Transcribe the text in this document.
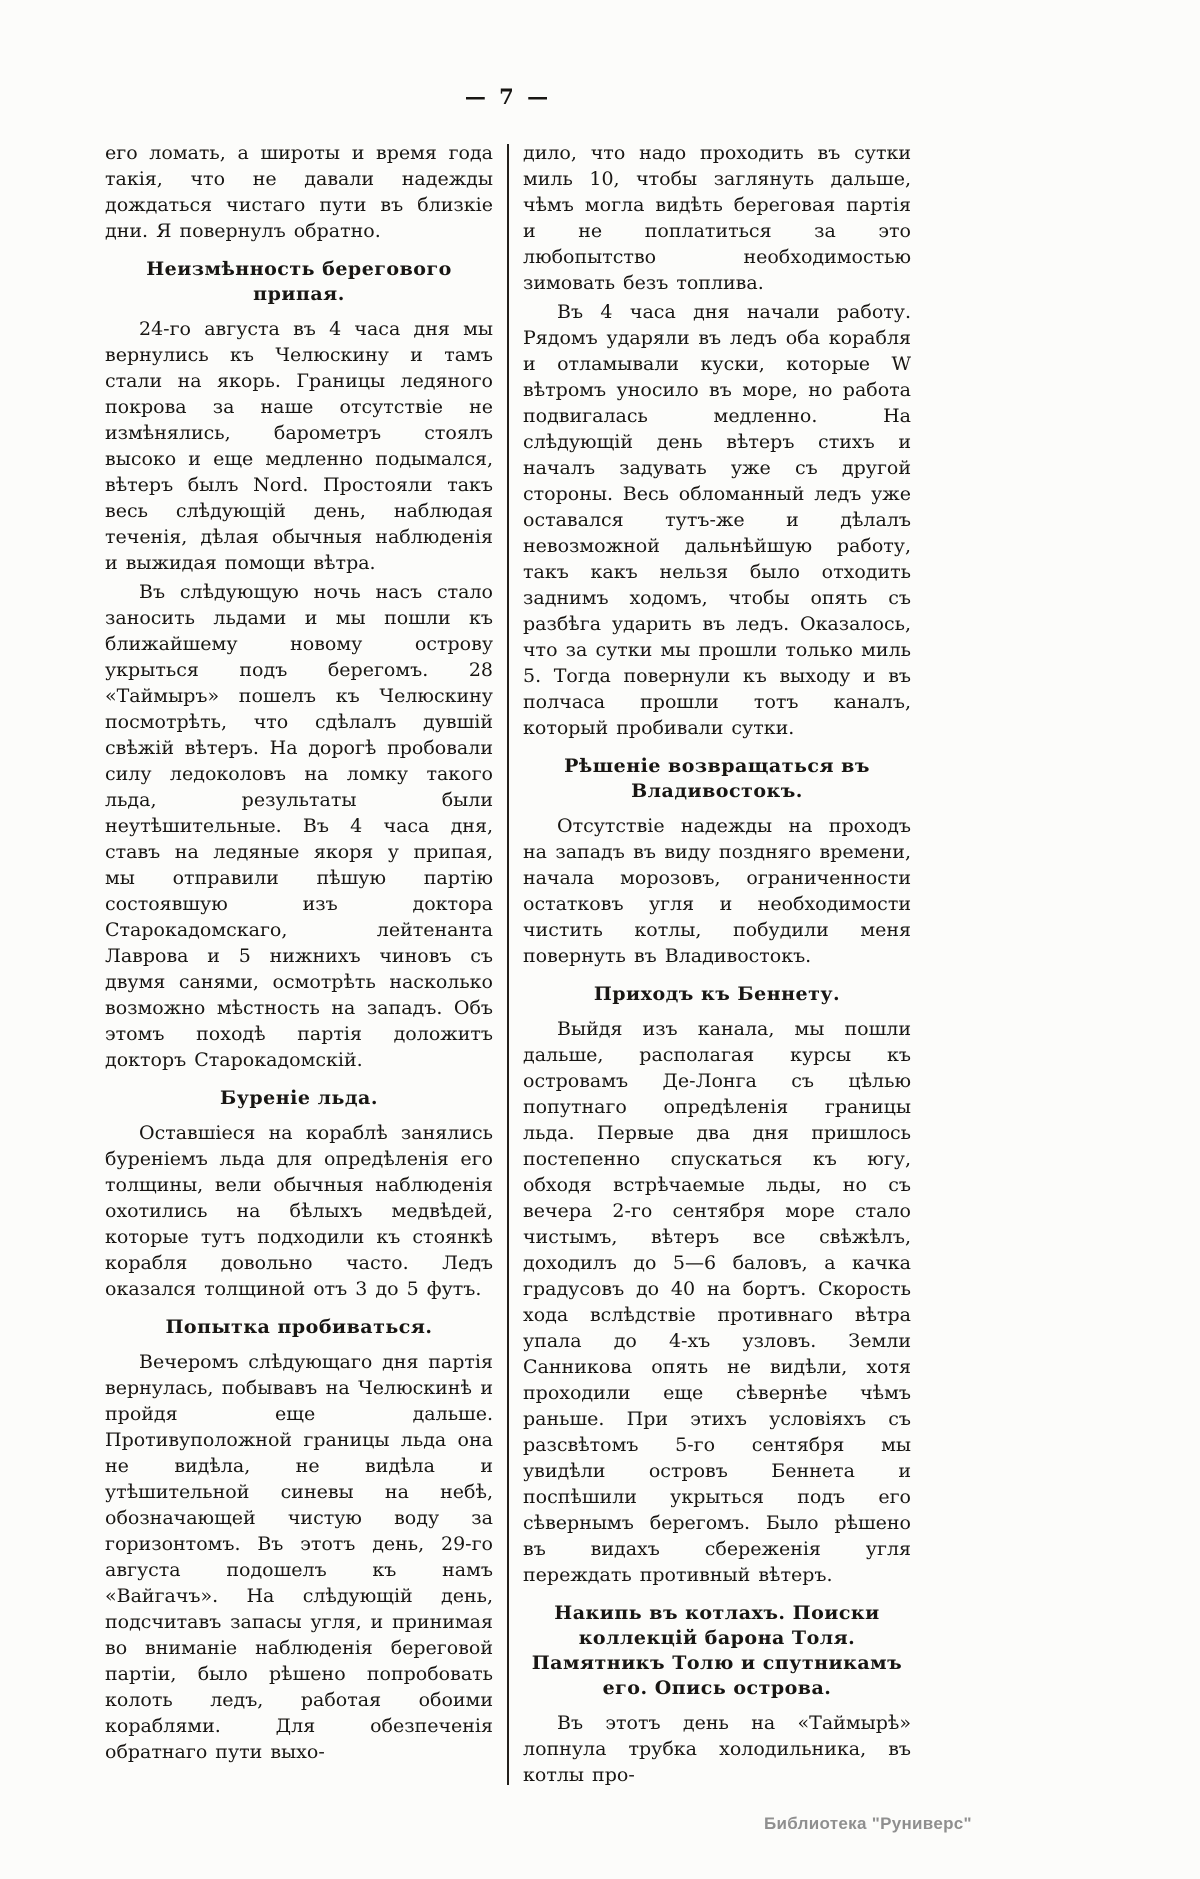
— 7 —

его ломать, а широты и время года такія, что не давали надежды дождаться чистаго пути въ близкіе дни. Я повернулъ обратно.

Неизмѣнность берегового припая.

24-го августа въ 4 часа дня мы вернулись къ Челюскину и тамъ стали на якорь. Границы ледяного покрова за наше отсутствіе не измѣнялись, барометръ стоялъ высоко и еще медленно подымался, вѣтеръ былъ Nord. Простояли такъ весь слѣдующій день, наблюдая теченія, дѣлая обычныя наблюденія и выжидая помощи вѣтра.

Въ слѣдующую ночь насъ стало заносить льдами и мы пошли къ ближайшему новому острову укрыться подъ берегомъ. 28 «Таймыръ» пошелъ къ Челюскину посмотрѣть, что сдѣлалъ дувшій свѣжій вѣтеръ. На дорогѣ пробовали силу ледоколовъ на ломку такого льда, результаты были неутѣшительные. Въ 4 часа дня, ставъ на ледяные якоря у припая, мы отправили пѣшую партію состоявшую изъ доктора Старокадомскаго, лейтенанта Лаврова и 5 нижнихъ чиновъ съ двумя санями, осмотрѣть насколько возможно мѣстность на западъ. Объ этомъ походѣ партія доложитъ докторъ Старокадомскій.

Буреніе льда.

Оставшіеся на кораблѣ занялись буреніемъ льда для опредѣленія его толщины, вели обычныя наблюденія охотились на бѣлыхъ медвѣдей, которые тутъ подходили къ стоянкѣ корабля довольно часто. Ледъ оказался толщиной отъ 3 до 5 футъ.

Попытка пробиваться.

Вечеромъ слѣдующаго дня партія вернулась, побывавъ на Челюскинѣ и пройдя еще дальше. Противуположной границы льда она не видѣла, не видѣла и утѣшительной синевы на небѣ, обозначающей чистую воду за горизонтомъ. Въ этотъ день, 29-го августа подошелъ къ намъ «Вайгачъ». На слѣдующій день, подсчитавъ запасы угля, и принимая во вниманіе наблюденія береговой партіи, было рѣшено попробовать колоть ледъ, работая обоими кораблями. Для обезпеченія обратнаго пути выхо-

дило, что надо проходить въ сутки миль 10, чтобы заглянуть дальше, чѣмъ могла видѣть береговая партія и не поплатиться за это любопытство необходимостью зимовать безъ топлива.

Въ 4 часа дня начали работу. Рядомъ ударяли въ ледъ оба корабля и отламывали куски, которые W вѣтромъ уносило въ море, но работа подвигалась медленно. На слѣдующій день вѣтеръ стихъ и началъ задувать уже съ другой стороны. Весь обломанный ледъ уже оставался тутъ-же и дѣлалъ невозможной дальнѣйшую работу, такъ какъ нельзя было отходить заднимъ ходомъ, чтобы опять съ разбѣга ударить въ ледъ. Оказалось, что за сутки мы прошли только миль 5. Тогда повернули къ выходу и въ полчаса прошли тотъ каналъ, который пробивали сутки.

Рѣшеніе возвращаться въ Владивостокъ.

Отсутствіе надежды на проходъ на западъ въ виду поздняго времени, начала морозовъ, ограниченности остатковъ угля и необходимости чистить котлы, побудили меня повернуть въ Владивостокъ.

Приходъ къ Беннету.

Выйдя изъ канала, мы пошли дальше, располагая курсы къ островамъ Де-Лонга съ цѣлью попутнаго опредѣленія границы льда. Первые два дня пришлось постепенно спускаться къ югу, обходя встрѣчаемые льды, но съ вечера 2-го сентября море стало чистымъ, вѣтеръ все свѣжѣлъ, доходилъ до 5—6 баловъ, а качка градусовъ до 40 на бортъ. Скорость хода вслѣдствіе противнаго вѣтра упала до 4-хъ узловъ. Земли Санникова опять не видѣли, хотя проходили еще сѣвернѣе чѣмъ раньше. При этихъ условіяхъ съ разсвѣтомъ 5-го сентября мы увидѣли островъ Беннета и поспѣшили укрыться подъ его сѣвернымъ берегомъ. Было рѣшено въ видахъ сбереженія угля переждать противный вѣтеръ.

Накипь въ котлахъ. Поиски коллекцій барона Толя. Памятникъ Толю и спутникамъ его. Опись острова.

Въ этотъ день на «Таймырѣ» лопнула трубка холодильника, въ котлы про-

Библиотека "Руниверс"
